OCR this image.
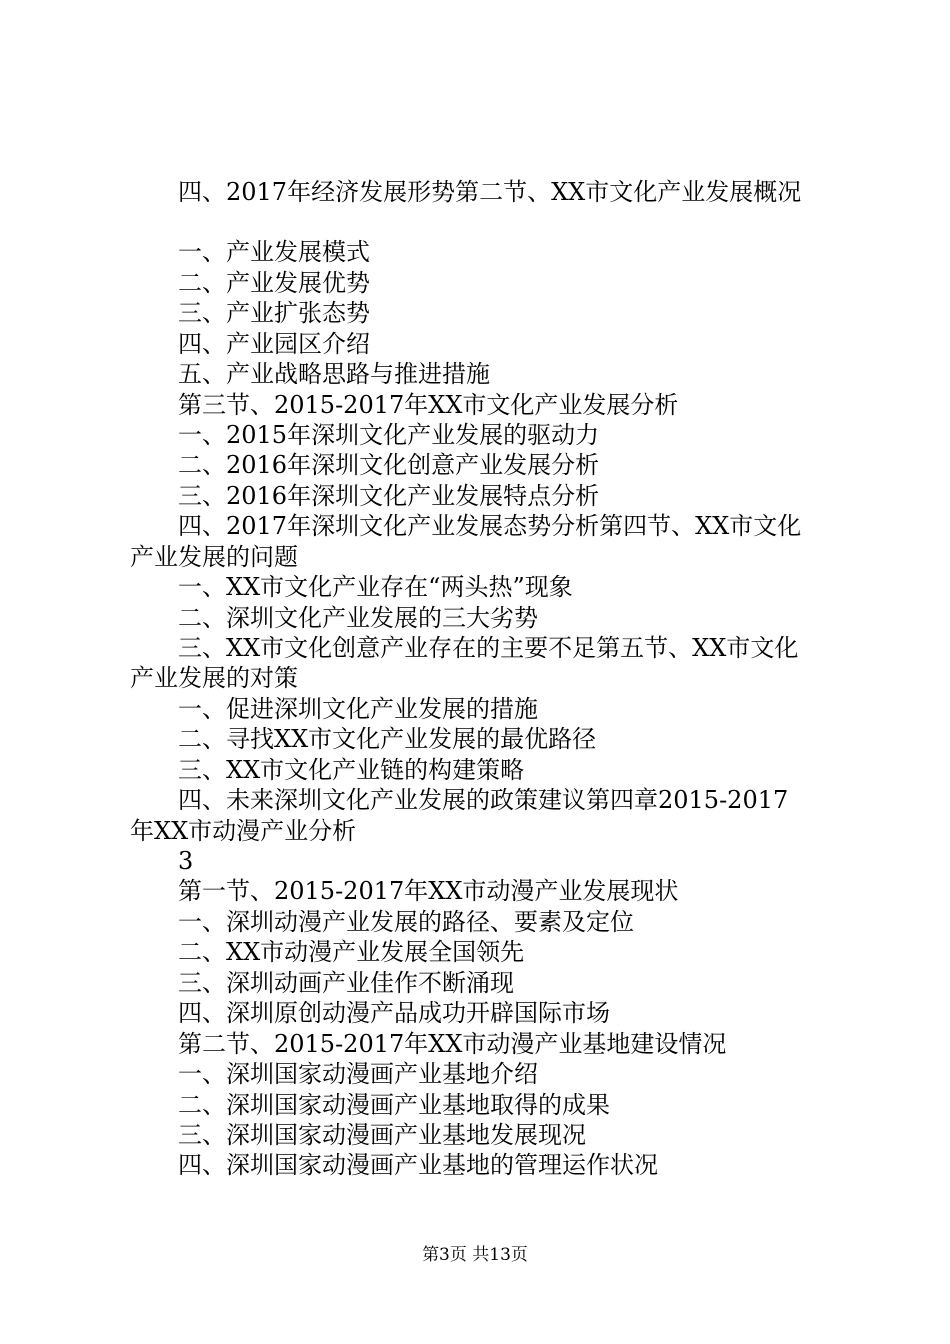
　　四、2017年经济发展形势第二节、XX市文化产业发展概况
　　一、产业发展模式
　　二、产业发展优势
　　三、产业扩张态势
　　四、产业园区介绍
　　五、产业战略思路与推进措施
　　第三节、2015-2017年XX市文化产业发展分析
　　一、2015年深圳文化产业发展的驱动力
　　二、2016年深圳文化创意产业发展分析
　　三、2016年深圳文化产业发展特点分析
　　四、2017年深圳文化产业发展态势分析第四节、XX市文化
产业发展的问题
　　一、XX市文化产业存在“两头热”现象
　　二、深圳文化产业发展的三大劣势
　　三、XX市文化创意产业存在的主要不足第五节、XX市文化
产业发展的对策
　　一、促进深圳文化产业发展的措施
　　二、寻找XX市文化产业发展的最优路径
　　三、XX市文化产业链的构建策略
　　四、未来深圳文化产业发展的政策建议第四章2015-2017
年XX市动漫产业分析
　　3
　　第一节、2015-2017年XX市动漫产业发展现状
　　一、深圳动漫产业发展的路径、要素及定位
　　二、XX市动漫产业发展全国领先
　　三、深圳动画产业佳作不断涌现
　　四、深圳原创动漫产品成功开辟国际市场
　　第二节、2015-2017年XX市动漫产业基地建设情况
　　一、深圳国家动漫画产业基地介绍
　　二、深圳国家动漫画产业基地取得的成果
　　三、深圳国家动漫画产业基地发展现况
　　四、深圳国家动漫画产业基地的管理运作状况
第3页 共13页
